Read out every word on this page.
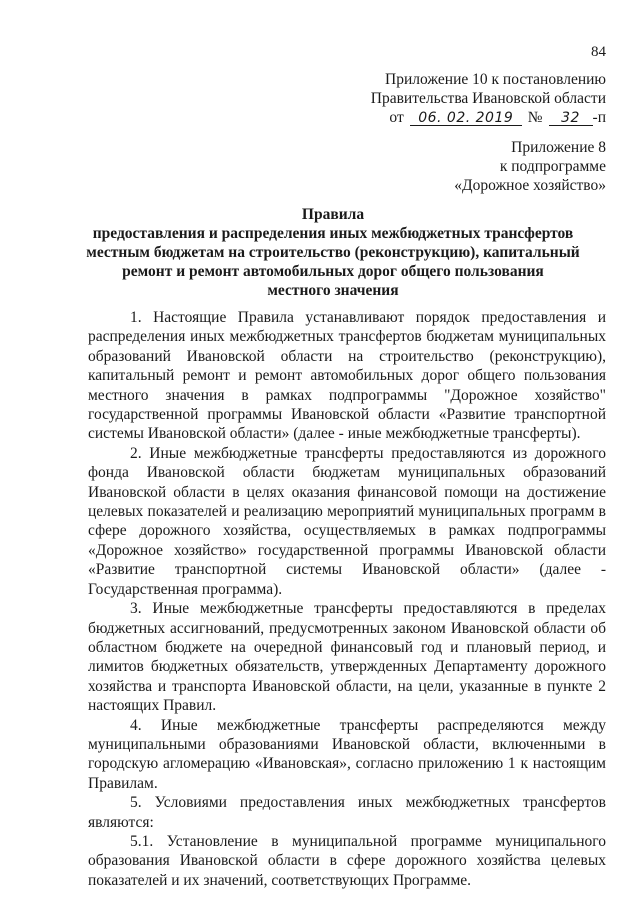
84
Приложение 10 к постановлению
Правительства Ивановской области
от 06. 02. 2019 № 32 -п
Приложение 8
к подпрограмме
«Дорожное хозяйство»
Правила
предоставления и распределения иных межбюджетных трансфертов
местным бюджетам на строительство (реконструкцию), капитальный
ремонт и ремонт автомобильных дорог общего пользования
местного значения

1. Настоящие Правила устанавливают порядок предоставления и распределения иных межбюджетных трансфертов бюджетам муниципальных образований Ивановской области на строительство (реконструкцию), капитальный ремонт и ремонт автомобильных дорог общего пользования местного значения в рамках подпрограммы "Дорожное хозяйство" государственной программы Ивановской области «Развитие транспортной системы Ивановской области» (далее - иные межбюджетные трансферты).

2. Иные межбюджетные трансферты предоставляются из дорожного фонда Ивановской области бюджетам муниципальных образований Ивановской области в целях оказания финансовой помощи на достижение целевых показателей и реализацию мероприятий муниципальных программ в сфере дорожного хозяйства, осуществляемых в рамках подпрограммы «Дорожное хозяйство» государственной программы Ивановской области «Развитие транспортной системы Ивановской области» (далее - Государственная программа).

3. Иные межбюджетные трансферты предоставляются в пределах бюджетных ассигнований, предусмотренных законом Ивановской области об областном бюджете на очередной финансовый год и плановый период, и лимитов бюджетных обязательств, утвержденных Департаменту дорожного хозяйства и транспорта Ивановской области, на цели, указанные в пункте 2 настоящих Правил.

4. Иные межбюджетные трансферты распределяются между муниципальными образованиями Ивановской области, включенными в городскую агломерацию «Ивановская», согласно приложению 1 к настоящим Правилам.

5. Условиями предоставления иных межбюджетных трансфертов являются:

5.1. Установление в муниципальной программе муниципального образования Ивановской области в сфере дорожного хозяйства целевых показателей и их значений, соответствующих Программе.
